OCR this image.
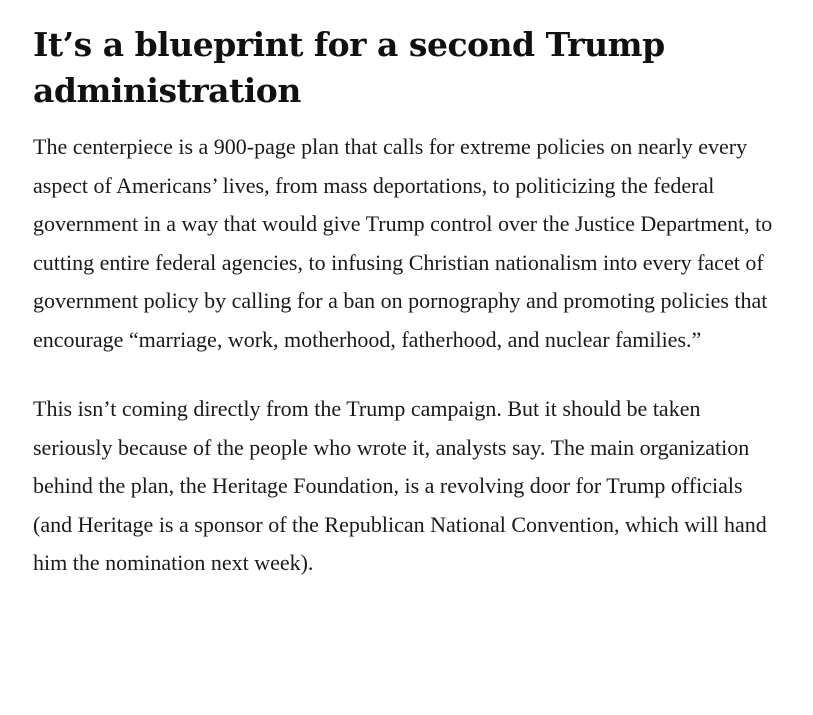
It’s a blueprint for a second Trump administration

The centerpiece is a 900-page plan that calls for extreme policies on nearly every aspect of Americans’ lives, from mass deportations, to politicizing the federal government in a way that would give Trump control over the Justice Department, to cutting entire federal agencies, to infusing Christian nationalism into every facet of government policy by calling for a ban on pornography and promoting policies that encourage “marriage, work, motherhood, fatherhood, and nuclear families.”

This isn’t coming directly from the Trump campaign. But it should be taken seriously because of the people who wrote it, analysts say. The main organization behind the plan, the Heritage Foundation, is a revolving door for Trump officials (and Heritage is a sponsor of the Republican National Convention, which will hand him the nomination next week).
